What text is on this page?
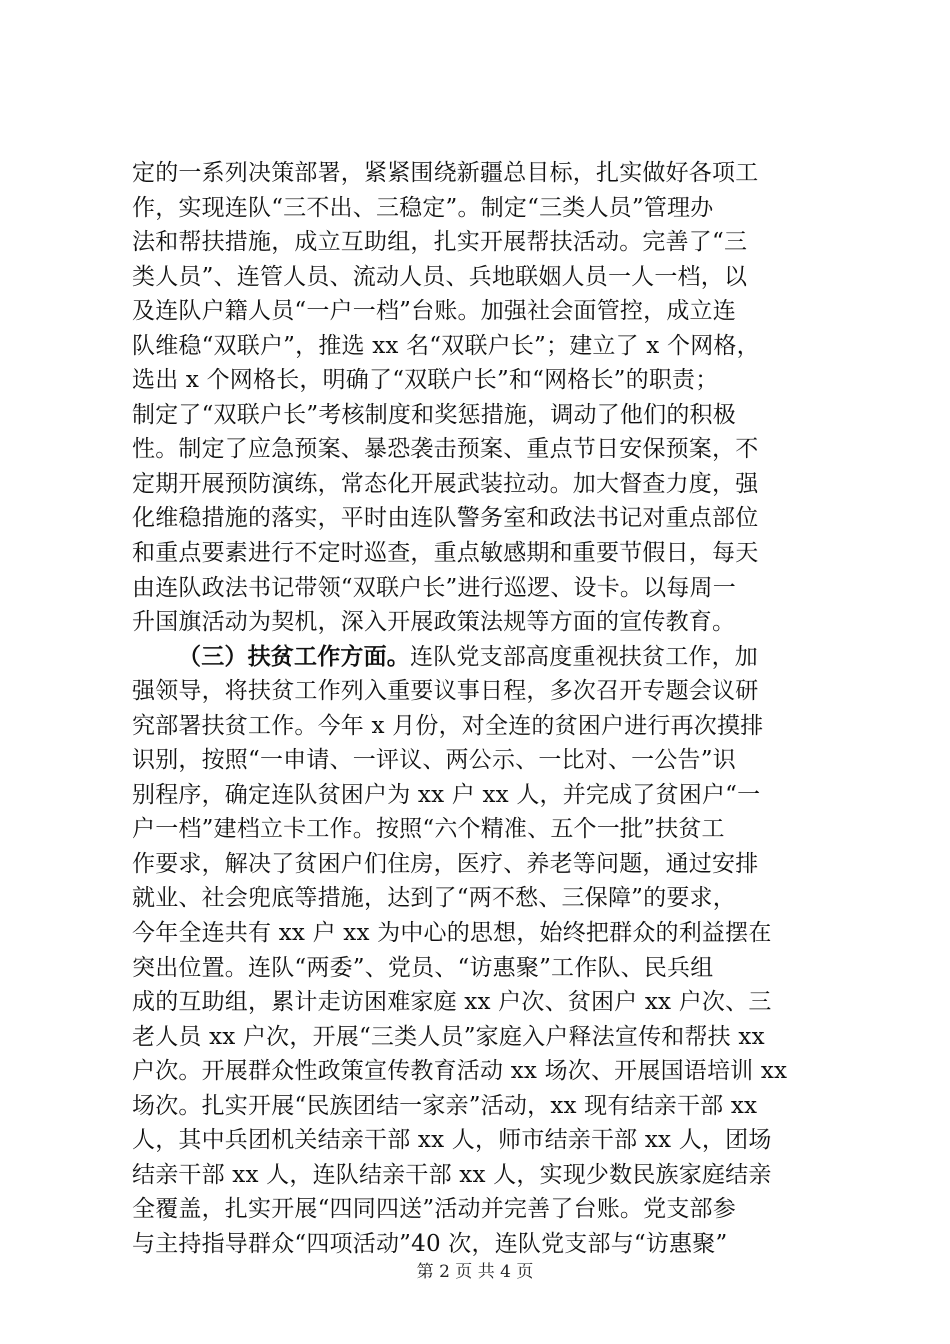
定的一系列决策部署，紧紧围绕新疆总目标，扎实做好各项工
作，实现连队“三不出、三稳定”。制定“三类人员”管理办
法和帮扶措施，成立互助组，扎实开展帮扶活动。完善了“三
类人员”、连管人员、流动人员、兵地联姻人员一人一档，以
及连队户籍人员“一户一档”台账。加强社会面管控，成立连
队维稳“双联户”，推选 xx 名“双联户长”；建立了 x 个网格，
选出 x 个网格长，明确了“双联户长”和“网格长”的职责；
制定了“双联户长”考核制度和奖惩措施，调动了他们的积极
性。制定了应急预案、暴恐袭击预案、重点节日安保预案，不
定期开展预防演练，常态化开展武装拉动。加大督查力度，强
化维稳措施的落实，平时由连队警务室和政法书记对重点部位
和重点要素进行不定时巡查，重点敏感期和重要节假日，每天
由连队政法书记带领“双联户长”进行巡逻、设卡。以每周一
升国旗活动为契机，深入开展政策法规等方面的宣传教育。
（三）扶贫工作方面。连队党支部高度重视扶贫工作，加
强领导，将扶贫工作列入重要议事日程，多次召开专题会议研
究部署扶贫工作。今年 x 月份，对全连的贫困户进行再次摸排
识别，按照“一申请、一评议、两公示、一比对、一公告”识
别程序，确定连队贫困户为 xx 户 xx 人，并完成了贫困户“一
户一档”建档立卡工作。按照“六个精准、五个一批”扶贫工
作要求，解决了贫困户们住房，医疗、养老等问题，通过安排
就业、社会兜底等措施，达到了“两不愁、三保障”的要求，
今年全连共有 xx 户 xx 为中心的思想，始终把群众的利益摆在
突出位置。连队“两委”、党员、“访惠聚”工作队、民兵组
成的互助组，累计走访困难家庭 xx 户次、贫困户 xx 户次、三
老人员 xx 户次，开展“三类人员”家庭入户释法宣传和帮扶 xx
户次。开展群众性政策宣传教育活动 xx 场次、开展国语培训 xx
场次。扎实开展“民族团结一家亲”活动，xx 现有结亲干部 xx
人，其中兵团机关结亲干部 xx 人，师市结亲干部 xx 人，团场
结亲干部 xx 人，连队结亲干部 xx 人，实现少数民族家庭结亲
全覆盖，扎实开展“四同四送”活动并完善了台账。党支部参
与主持指导群众“四项活动”40 次，连队党支部与“访惠聚”
第 2 页 共 4 页
